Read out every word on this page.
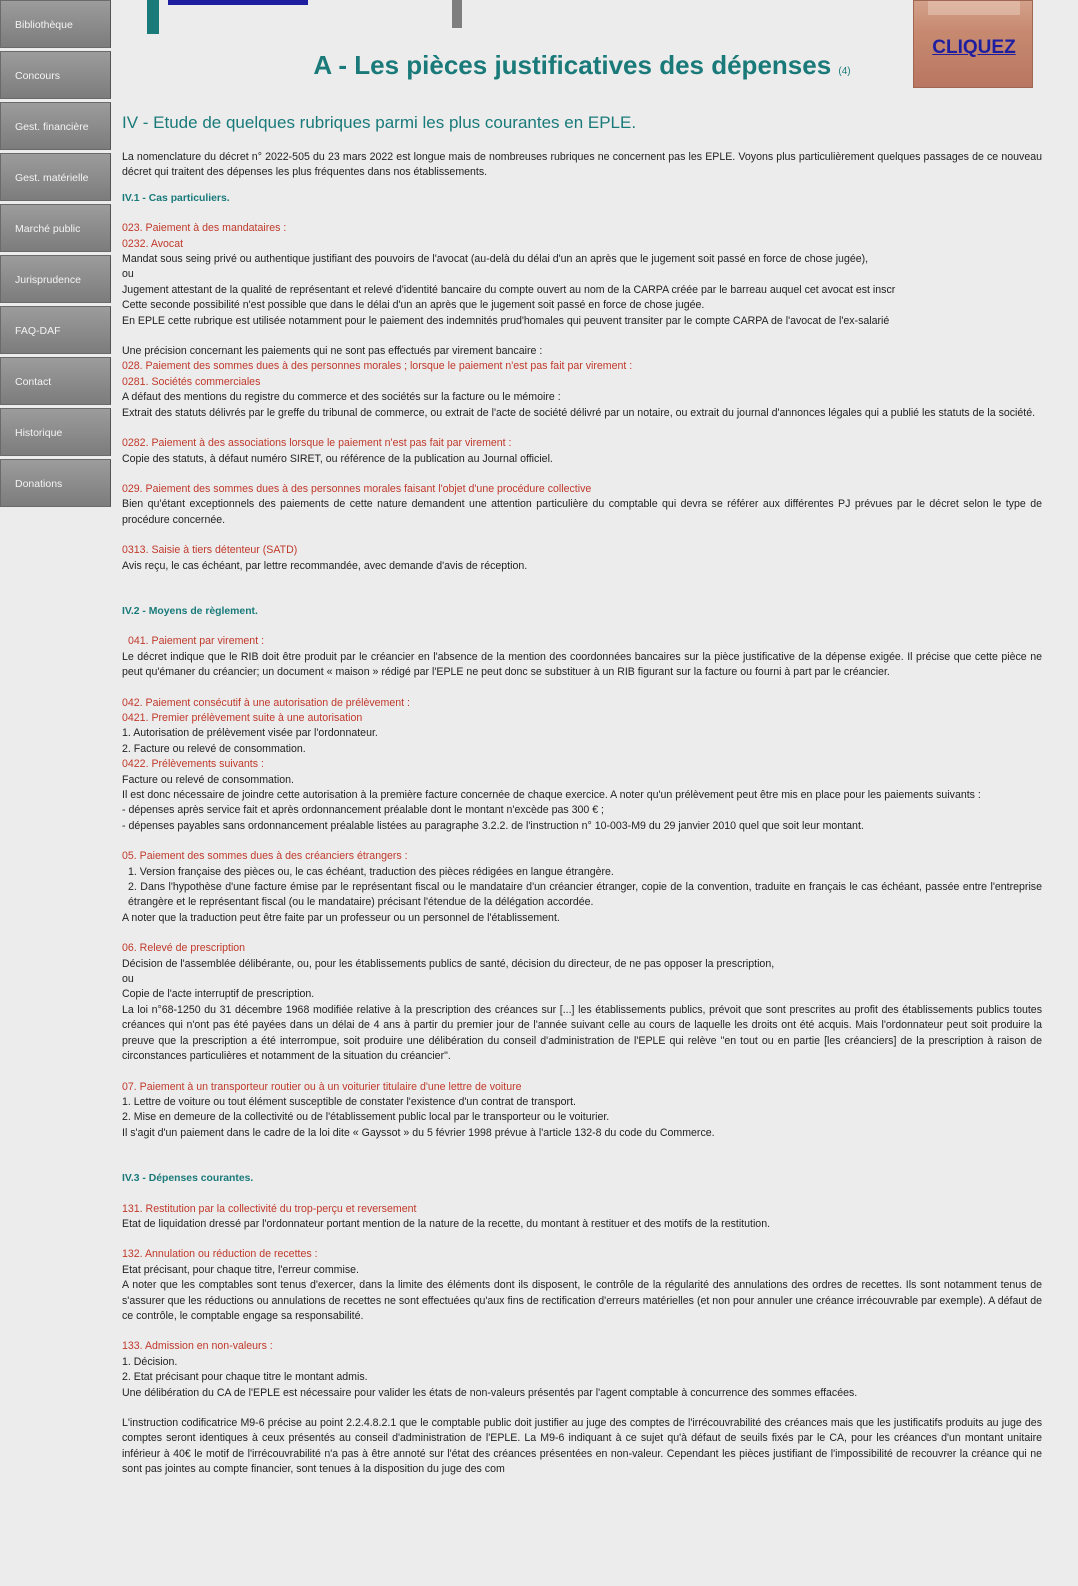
Bibliothèque
Concours
Gest. financière
Gest. matérielle
Marché public
Jurisprudence
FAQ-DAF
Contact
Historique
Donations
CLIQUEZ
A - Les pièces justificatives des dépenses (4)
IV - Etude de quelques rubriques parmi les plus courantes en EPLE.

La nomenclature du décret n° 2022-505 du 23 mars 2022 est longue mais de nombreuses rubriques ne concernent pas les EPLE. Voyons plus particulièrement quelques passages de ce nouveau décret qui traitent des dépenses les plus fréquentes dans nos établissements.

IV.1 - Cas particuliers.

023. Paiement à des mandataires :

0232. Avocat

Mandat sous seing privé ou authentique justifiant des pouvoirs de l'avocat (au-delà du délai d'un an après que le jugement soit passé en force de chose jugée),

ou

Jugement attestant de la qualité de représentant et relevé d'identité bancaire du compte ouvert au nom de la CARPA créée par le barreau auquel cet avocat est inscr

Cette seconde possibilité n'est possible que dans le délai d'un an après que le jugement soit passé en force de chose jugée.

En EPLE cette rubrique est utilisée notamment pour le paiement des indemnités prud'homales qui peuvent transiter par le compte CARPA de l'avocat de l'ex-salarié

Une précision concernant les paiements qui ne sont pas effectués par virement bancaire :

028. Paiement des sommes dues à des personnes morales ; lorsque le paiement n'est pas fait par virement :

0281. Sociétés commerciales

A défaut des mentions du registre du commerce et des sociétés sur la facture ou le mémoire :

Extrait des statuts délivrés par le greffe du tribunal de commerce, ou extrait de l'acte de société délivré par un notaire, ou extrait du journal d'annonces légales qui a publié les statuts de la société.

0282. Paiement à des associations lorsque le paiement n'est pas fait par virement :

Copie des statuts, à défaut numéro SIRET, ou référence de la publication au Journal officiel.

029. Paiement des sommes dues à des personnes morales faisant l'objet d'une procédure collective

Bien qu'étant exceptionnels des paiements de cette nature demandent une attention particulière du comptable qui devra se référer aux différentes PJ prévues par le décret selon le type de procédure concernée.

0313. Saisie à tiers détenteur (SATD)

Avis reçu, le cas échéant, par lettre recommandée, avec demande d'avis de réception.

IV.2 - Moyens de règlement.

041. Paiement par virement :

Le décret indique que le RIB doit être produit par le créancier en l'absence de la mention des coordonnées bancaires sur la pièce justificative de la dépense exigée. Il précise que cette pièce ne peut qu'émaner du créancier; un document « maison » rédigé par l'EPLE ne peut donc se substituer à un RIB figurant sur la facture ou fourni à part par le créancier.

042. Paiement consécutif à une autorisation de prélèvement :

0421. Premier prélèvement suite à une autorisation

1. Autorisation de prélèvement visée par l'ordonnateur.

2. Facture ou relevé de consommation.

0422. Prélèvements suivants :

Facture ou relevé de consommation.

Il est donc nécessaire de joindre cette autorisation à la première facture concernée de chaque exercice. A noter qu'un prélèvement peut être mis en place pour les paiements suivants :

- dépenses après service fait et après ordonnancement préalable dont le montant n'excède pas 300 € ;

- dépenses payables sans ordonnancement préalable listées au paragraphe 3.2.2. de l'instruction n° 10-003-M9 du 29 janvier 2010 quel que soit leur montant.

05. Paiement des sommes dues à des créanciers étrangers :

1. Version française des pièces ou, le cas échéant, traduction des pièces rédigées en langue étrangère.

2. Dans l'hypothèse d'une facture émise par le représentant fiscal ou le mandataire d'un créancier étranger, copie de la convention, traduite en français le cas échéant, passée entre l'entreprise étrangère et le représentant fiscal (ou le mandataire) précisant l'étendue de la délégation accordée.

A noter que la traduction peut être faite par un professeur ou un personnel de l'établissement.

06. Relevé de prescription

Décision de l'assemblée délibérante, ou, pour les établissements publics de santé, décision du directeur, de ne pas opposer la prescription,

ou

Copie de l'acte interruptif de prescription.

La loi n°68-1250 du 31 décembre 1968 modifiée relative à la prescription des créances sur [...] les établissements publics, prévoit que sont prescrites au profit des établissements publics toutes créances qui n'ont pas été payées dans un délai de 4 ans à partir du premier jour de l'année suivant celle au cours de laquelle les droits ont été acquis. Mais l'ordonnateur peut soit produire la preuve que la prescription a été interrompue, soit produire une délibération du conseil d'administration de l'EPLE qui relève "en tout ou en partie [les créanciers] de la prescription à raison de circonstances particulières et notamment de la situation du créancier".

07. Paiement à un transporteur routier ou à un voiturier titulaire d'une lettre de voiture

1. Lettre de voiture ou tout élément susceptible de constater l'existence d'un contrat de transport.

2. Mise en demeure de la collectivité ou de l'établissement public local par le transporteur ou le voiturier.

Il s'agit d'un paiement dans le cadre de la loi dite « Gayssot » du 5 février 1998 prévue à l'article 132-8 du code du Commerce.

IV.3 - Dépenses courantes.

131. Restitution par la collectivité du trop-perçu et reversement

Etat de liquidation dressé par l'ordonnateur portant mention de la nature de la recette, du montant à restituer et des motifs de la restitution.

132. Annulation ou réduction de recettes :

Etat précisant, pour chaque titre, l'erreur commise.

A noter que les comptables sont tenus d'exercer, dans la limite des éléments dont ils disposent, le contrôle de la régularité des annulations des ordres de recettes. Ils sont notamment tenus de s'assurer que les réductions ou annulations de recettes ne sont effectuées qu'aux fins de rectification d'erreurs matérielles (et non pour annuler une créance irrécouvrable par exemple). A défaut de ce contrôle, le comptable engage sa responsabilité.

133. Admission en non-valeurs :

1. Décision.

2. Etat précisant pour chaque titre le montant admis.

Une délibération du CA de l'EPLE est nécessaire pour valider les états de non-valeurs présentés par l'agent comptable à concurrence des sommes effacées.

L'instruction codificatrice M9-6 précise au point 2.2.4.8.2.1 que le comptable public doit justifier au juge des comptes de l'irrécouvrabilité des créances mais que les justificatifs produits au juge des comptes seront identiques à ceux présentés au conseil d'administration de l'EPLE. La M9-6 indiquant à ce sujet qu'à défaut de seuils fixés par le CA, pour les créances d'un montant unitaire inférieur à 40€ le motif de l'irrécouvrabilité n'a pas à être annoté sur l'état des créances présentées en non-valeur. Cependant les pièces justifiant de l'impossibilité de recouvrer la créance qui ne sont pas jointes au compte financier, sont tenues à la disposition du juge des com
